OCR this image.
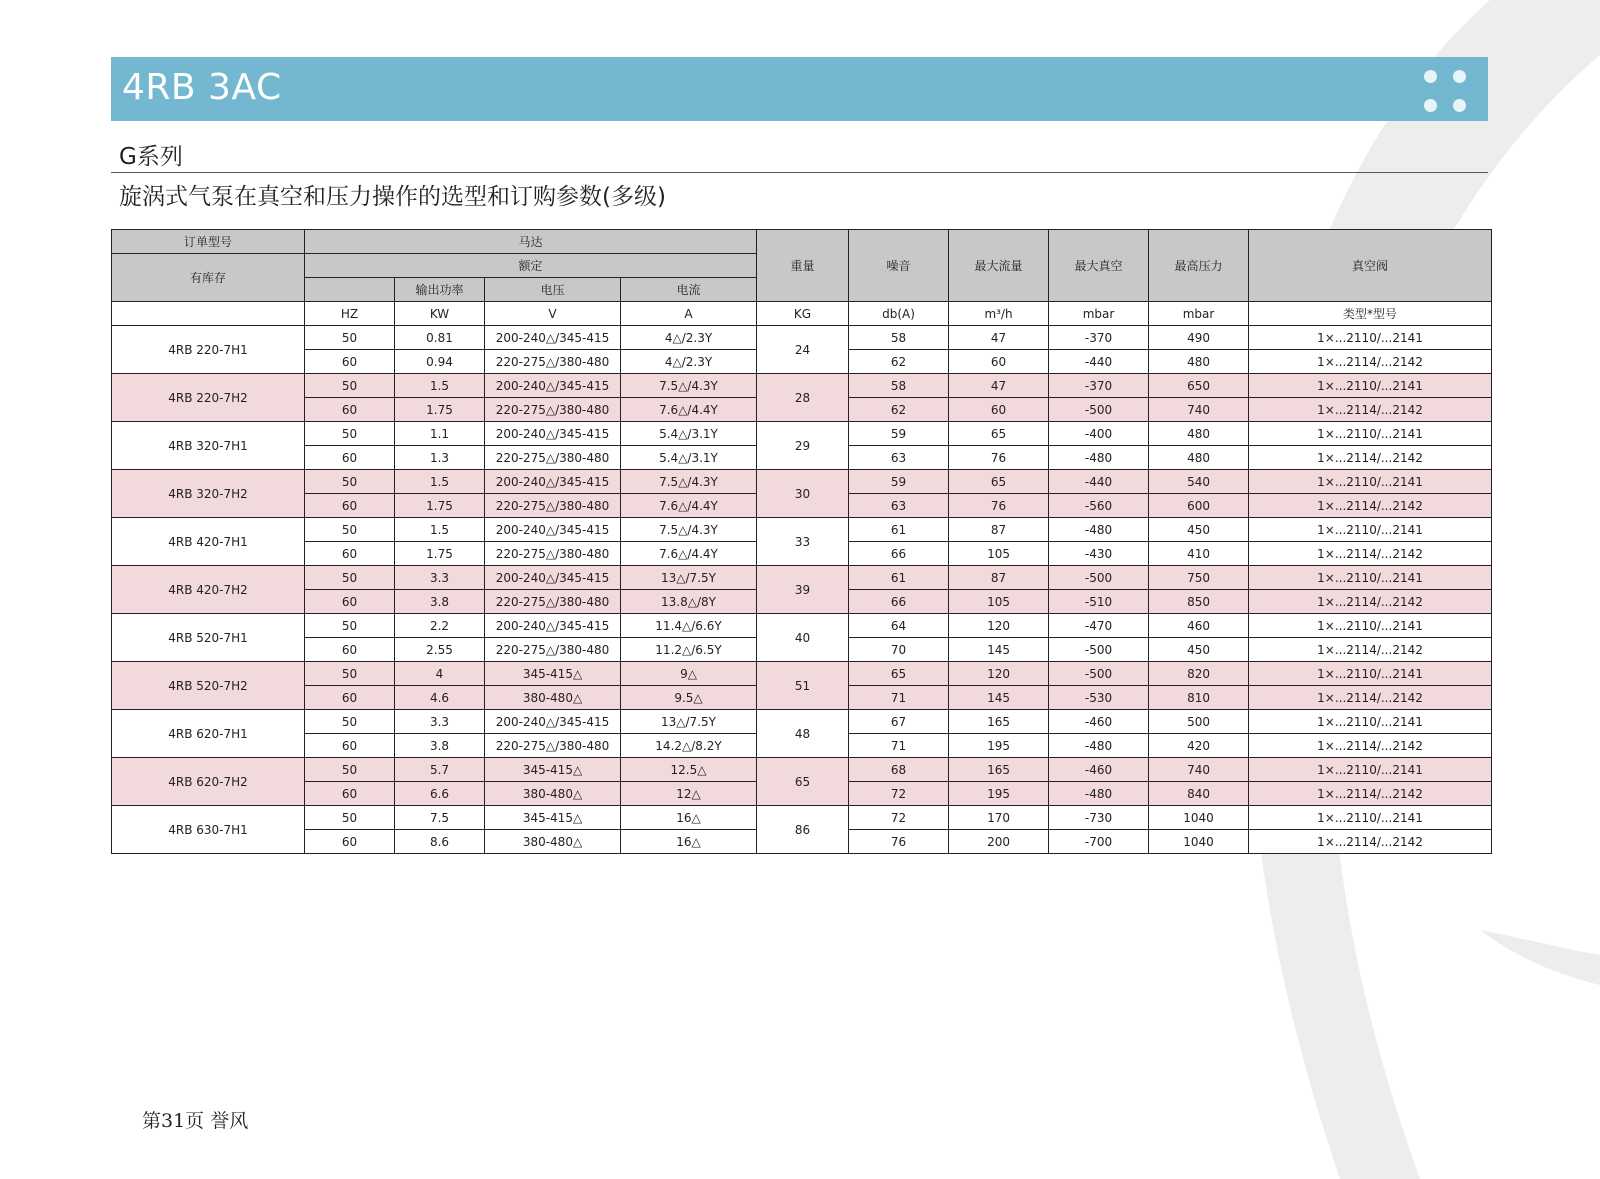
4RB 3AC
G系列
旋涡式气泵在真空和压力操作的选型和订购参数(多级)
订单型号	马达				重量	噪音	最大流量	最大真空	最高压力	真空阀
有库存	额定									
		输出功率	电压	电流						
	HZ	KW	V	A	KG	db(A)	m³/h	mbar	mbar	类型*型号
4RB 220-7H1	50	0.81	200-240△/345-415	4△/2.3Y	24	58	47	-370	490	1×...2110/...2141
	60	0.94	220-275△/380-480	4△/2.3Y		62	60	-440	480	1×...2114/...2142
4RB 220-7H2	50	1.5	200-240△/345-415	7.5△/4.3Y	28	58	47	-370	650	1×...2110/...2141
	60	1.75	220-275△/380-480	7.6△/4.4Y		62	60	-500	740	1×...2114/...2142
4RB 320-7H1	50	1.1	200-240△/345-415	5.4△/3.1Y	29	59	65	-400	480	1×...2110/...2141
	60	1.3	220-275△/380-480	5.4△/3.1Y		63	76	-480	480	1×...2114/...2142
4RB 320-7H2	50	1.5	200-240△/345-415	7.5△/4.3Y	30	59	65	-440	540	1×...2110/...2141
	60	1.75	220-275△/380-480	7.6△/4.4Y		63	76	-560	600	1×...2114/...2142
4RB 420-7H1	50	1.5	200-240△/345-415	7.5△/4.3Y	33	61	87	-480	450	1×...2110/...2141
	60	1.75	220-275△/380-480	7.6△/4.4Y		66	105	-430	410	1×...2114/...2142
4RB 420-7H2	50	3.3	200-240△/345-415	13△/7.5Y	39	61	87	-500	750	1×...2110/...2141
	60	3.8	220-275△/380-480	13.8△/8Y		66	105	-510	850	1×...2114/...2142
4RB 520-7H1	50	2.2	200-240△/345-415	11.4△/6.6Y	40	64	120	-470	460	1×...2110/...2141
	60	2.55	220-275△/380-480	11.2△/6.5Y		70	145	-500	450	1×...2114/...2142
4RB 520-7H2	50	4	345-415△	9△	51	65	120	-500	820	1×...2110/...2141
	60	4.6	380-480△	9.5△		71	145	-530	810	1×...2114/...2142
4RB 620-7H1	50	3.3	200-240△/345-415	13△/7.5Y	48	67	165	-460	500	1×...2110/...2141
	60	3.8	220-275△/380-480	14.2△/8.2Y		71	195	-480	420	1×...2114/...2142
4RB 620-7H2	50	5.7	345-415△	12.5△	65	68	165	-460	740	1×...2110/...2141
	60	6.6	380-480△	12△		72	195	-480	840	1×...2114/...2142
4RB 630-7H1	50	7.5	345-415△	16△	86	72	170	-730	1040	1×...2110/...2141
	60	8.6	380-480△	16△		76	200	-700	1040	1×...2114/...2142
第31页 誉风
